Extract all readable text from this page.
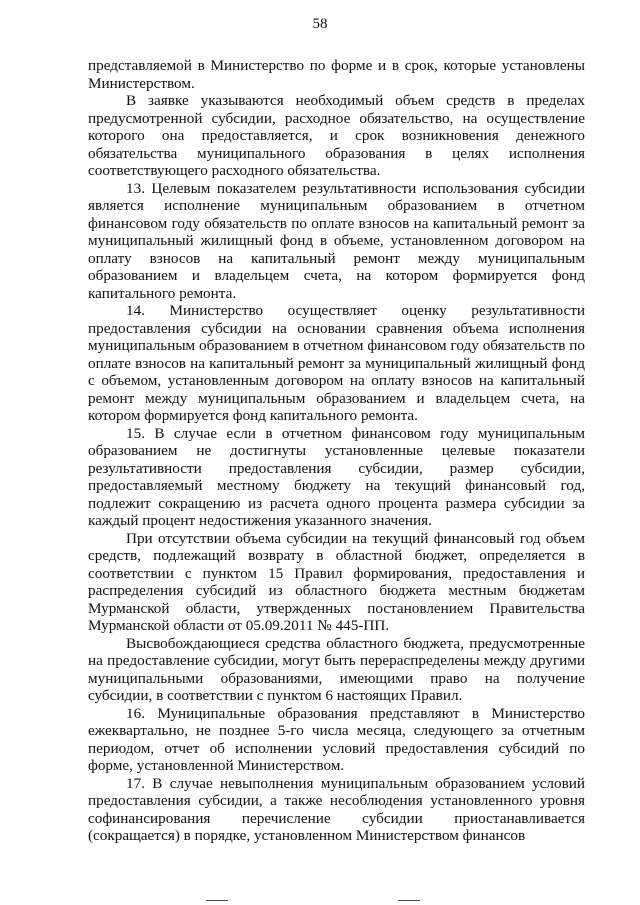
58

представляемой в Министерство по форме и в срок, которые установлены Министерством.

В заявке указываются необходимый объем средств в пределах предусмотренной субсидии, расходное обязательство, на осуществление которого она предоставляется, и срок возникновения денежного обязательства муниципального образования в целях исполнения соответствующего расходного обязательства.

13. Целевым показателем результативности использования субсидии является исполнение муниципальным образованием в отчетном финансовом году обязательств по оплате взносов на капитальный ремонт за муниципальный жилищный фонд в объеме, установленном договором на оплату взносов на капитальный ремонт между муниципальным образованием и владельцем счета, на котором формируется фонд капитального ремонта.

14. Министерство осуществляет оценку результативности предоставления субсидии на основании сравнения объема исполнения муниципальным образованием в отчетном финансовом году обязательств по оплате взносов на капитальный ремонт за муниципальный жилищный фонд с объемом, установленным договором на оплату взносов на капитальный ремонт между муниципальным образованием и владельцем счета, на котором формируется фонд капитального ремонта.

15. В случае если в отчетном финансовом году муниципальным образованием не достигнуты установленные целевые показатели результативности предоставления субсидии, размер субсидии, предоставляемый местному бюджету на текущий финансовый год, подлежит сокращению из расчета одного процента размера субсидии за каждый процент недостижения указанного значения.

При отсутствии объема субсидии на текущий финансовый год объем средств, подлежащий возврату в областной бюджет, определяется в соответствии с пунктом 15 Правил формирования, предоставления и распределения субсидий из областного бюджета местным бюджетам Мурманской области, утвержденных постановлением Правительства Мурманской области от 05.09.2011 № 445-ПП.

Высвобождающиеся средства областного бюджета, предусмотренные на предоставление субсидии, могут быть перераспределены между другими муниципальными образованиями, имеющими право на получение субсидии, в соответствии с пунктом 6 настоящих Правил.

16. Муниципальные образования представляют в Министерство ежеквартально, не позднее 5-го числа месяца, следующего за отчетным периодом, отчет об исполнении условий предоставления субсидий по форме, установленной Министерством.

17. В случае невыполнения муниципальным образованием условий предоставления субсидии, а также несоблюдения установленного уровня софинансирования перечисление субсидии приостанавливается (сокращается) в порядке, установленном Министерством финансов
